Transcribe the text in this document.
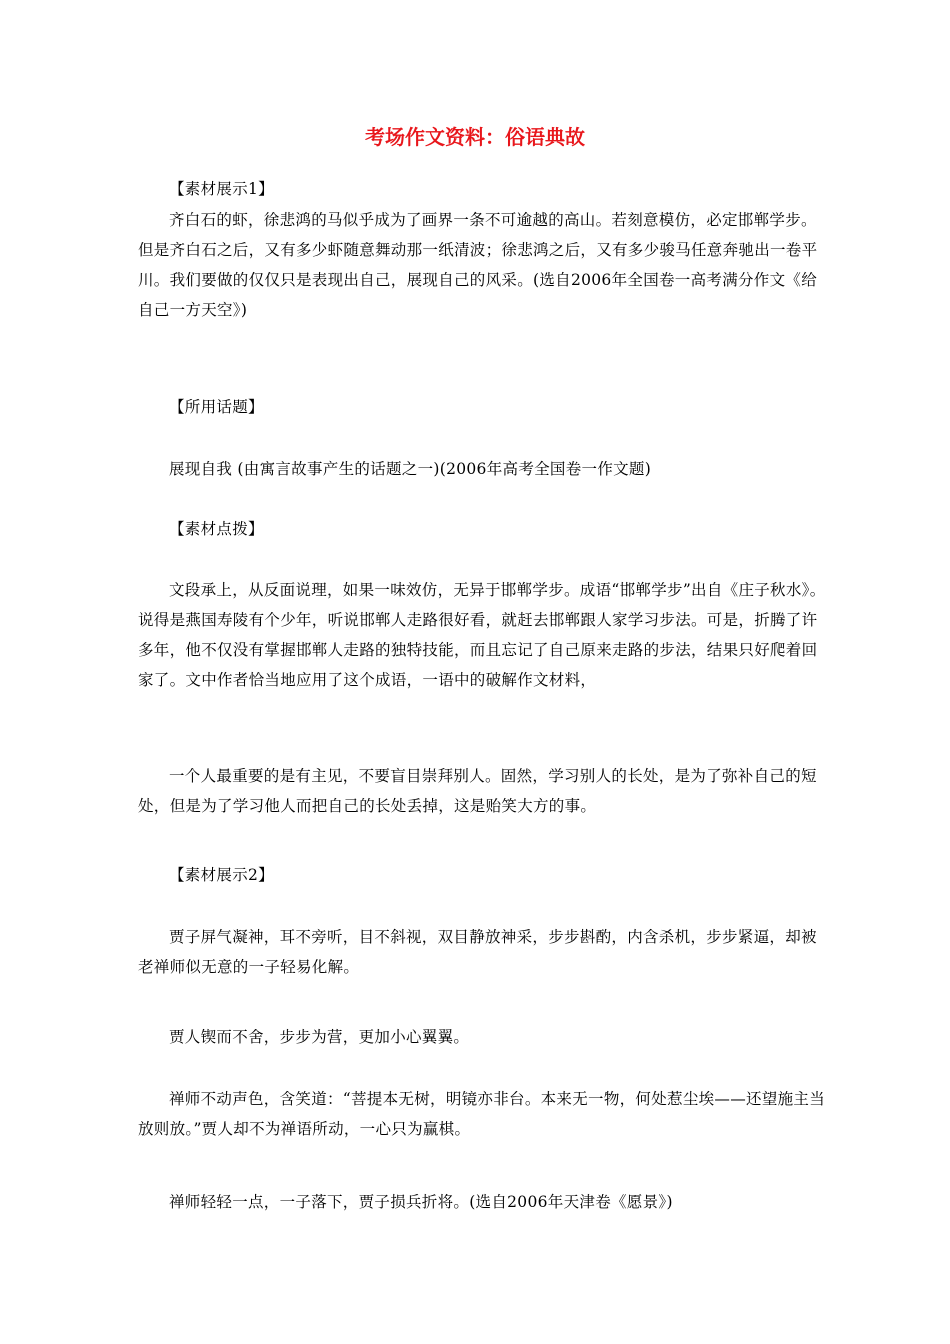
考场作文资料：俗语典故

【素材展示1】

齐白石的虾，徐悲鸿的马似乎成为了画界一条不可逾越的高山。若刻意模仿，必定邯郸学步。但是齐白石之后，又有多少虾随意舞动那一纸清波；徐悲鸿之后，又有多少骏马任意奔驰出一卷平川。我们要做的仅仅只是表现出自己，展现自己的风采。(选自2006年全国卷一高考满分作文《给自己一方天空》)

【所用话题】

展现自我 (由寓言故事产生的话题之一)(2006年高考全国卷一作文题)

【素材点拨】

文段承上，从反面说理，如果一味效仿，无异于邯郸学步。成语“邯郸学步”出自《庄子秋水》。说得是燕国寿陵有个少年，听说邯郸人走路很好看，就赶去邯郸跟人家学习步法。可是，折腾了许多年，他不仅没有掌握邯郸人走路的独特技能，而且忘记了自己原来走路的步法，结果只好爬着回家了。文中作者恰当地应用了这个成语，一语中的破解作文材料，

一个人最重要的是有主见，不要盲目崇拜别人。固然，学习别人的长处，是为了弥补自己的短处，但是为了学习他人而把自己的长处丢掉，这是贻笑大方的事。

【素材展示2】

贾子屏气凝神，耳不旁听，目不斜视，双目静放神采，步步斟酌，内含杀机，步步紧逼，却被老禅师似无意的一子轻易化解。

贾人锲而不舍，步步为营，更加小心翼翼。

禅师不动声色，含笑道：“菩提本无树，明镜亦非台。本来无一物，何处惹尘埃——还望施主当放则放。”贾人却不为禅语所动，一心只为赢棋。

禅师轻轻一点，一子落下，贾子损兵折将。(选自2006年天津卷《愿景》)
